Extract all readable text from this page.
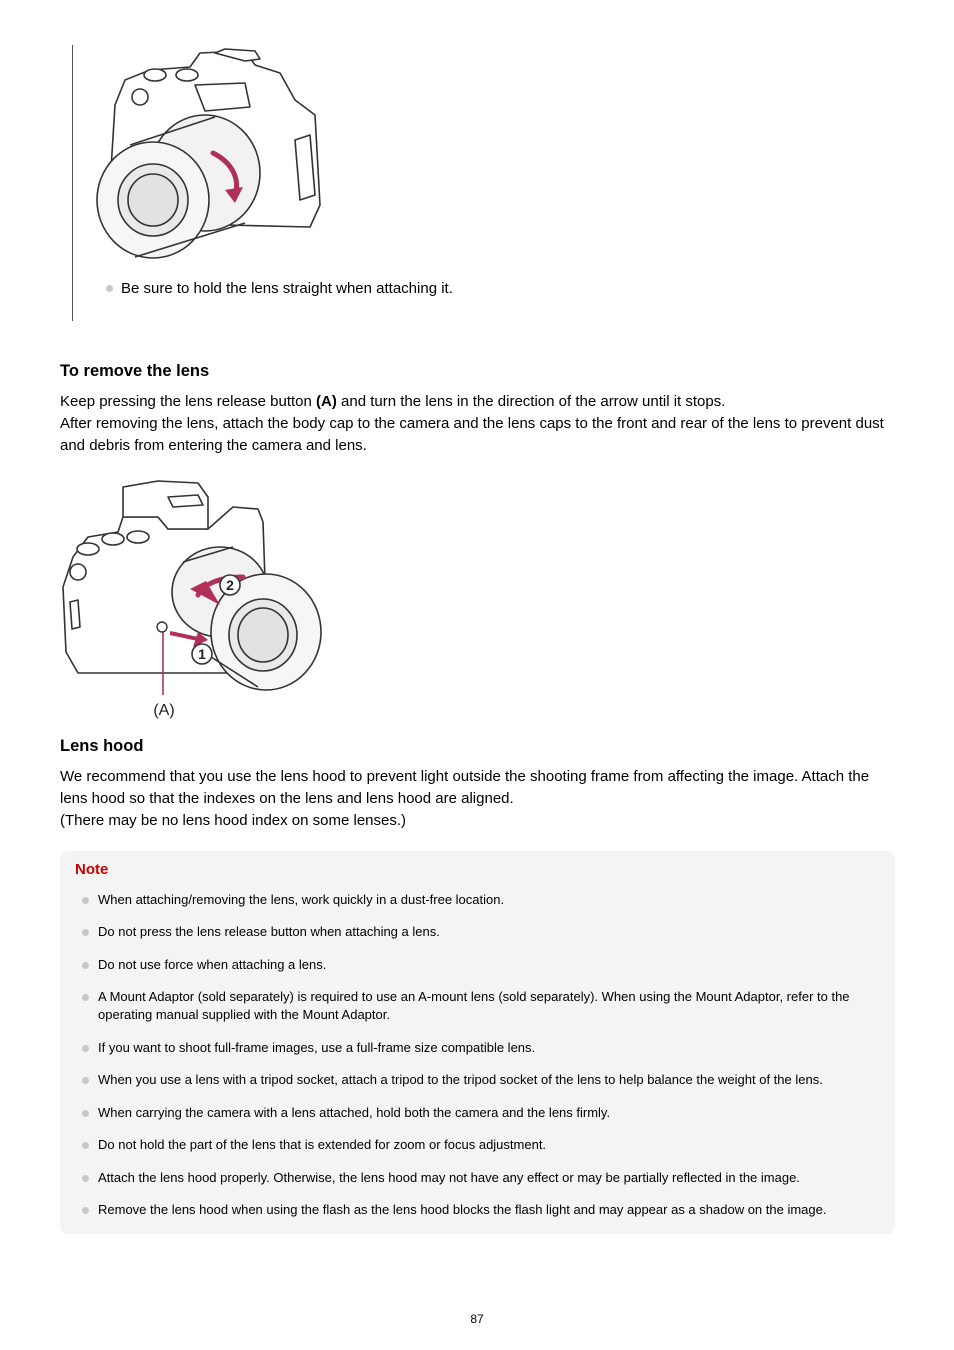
Be sure to hold the lens straight when attaching it.
To remove the lens

Keep pressing the lens release button (A) and turn the lens in the direction of the arrow until it stops.
After removing the lens, attach the body cap to the camera and the lens caps to the front and rear of the lens to prevent dust and debris from entering the camera and lens.

2
1
(A)
Lens hood

We recommend that you use the lens hood to prevent light outside the shooting frame from affecting the image. Attach the lens hood so that the indexes on the lens and lens hood are aligned.
(There may be no lens hood index on some lenses.)

Note
When attaching/removing the lens, work quickly in a dust-free location.
Do not press the lens release button when attaching a lens.
Do not use force when attaching a lens.
A Mount Adaptor (sold separately) is required to use an A-mount lens (sold separately). When using the Mount Adaptor, refer to the operating manual supplied with the Mount Adaptor.
If you want to shoot full-frame images, use a full-frame size compatible lens.
When you use a lens with a tripod socket, attach a tripod to the tripod socket of the lens to help balance the weight of the lens.
When carrying the camera with a lens attached, hold both the camera and the lens firmly.
Do not hold the part of the lens that is extended for zoom or focus adjustment.
Attach the lens hood properly. Otherwise, the lens hood may not have any effect or may be partially reflected in the image.
Remove the lens hood when using the flash as the lens hood blocks the flash light and may appear as a shadow on the image.
87
